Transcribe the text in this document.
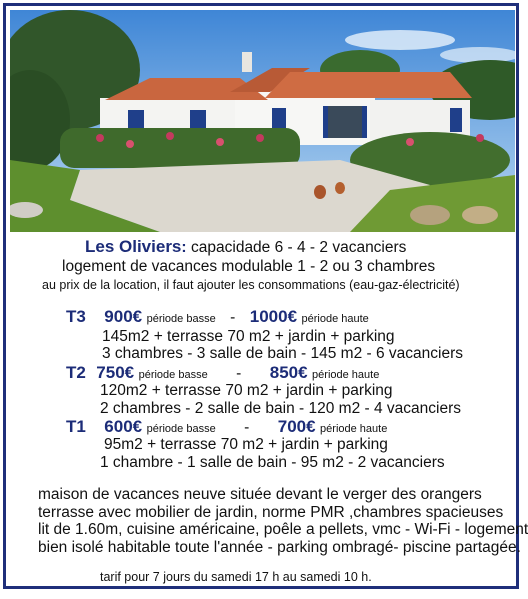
Les Oliviers: capacidade 6 - 4 - 2 vacanciers
logement de vacances modulable 1 - 2 ou 3 chambres
au prix de la location, il faut ajouter les consommations (eau-gaz-électricité)
T3 900€ période basse - 1000€ période haute
145m2 + terrasse 70 m2 + jardin + parking
3 chambres - 3 salle de bain - 145 m2 - 6 vacanciers
T2 750€ période basse - 850€ période haute
120m2 + terrasse 70 m2 + jardin + parking
2 chambres - 2 salle de bain - 120 m2 - 4 vacanciers
T1 600€ période basse - 700€ période haute
95m2 + terrasse 70 m2 + jardin + parking
1 chambre - 1 salle de bain - 95 m2 - 2 vacanciers
maison de vacances neuve située devant le verger des orangers
terrasse avec mobilier de jardin, norme PMR ,chambres spacieuses
lit de 1.60m, cuisine américaine, poêle a pellets, vmc - Wi-Fi - logement
bien isolé habitable toute l'année - parking ombragé- piscine partagée.
tarif pour 7 jours du samedi 17 h au samedi 10 h.
